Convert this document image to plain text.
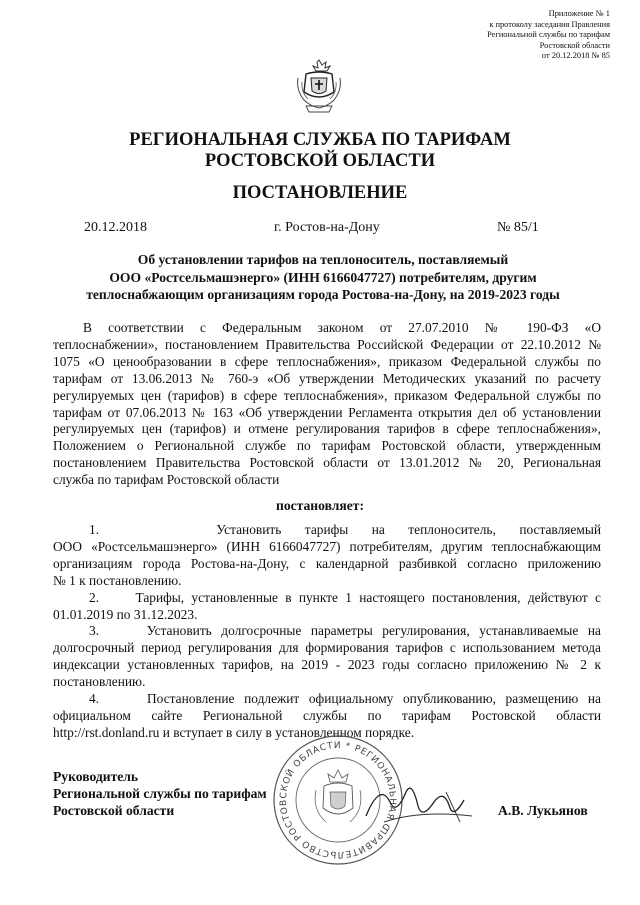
Приложение № 1
к протоколу заседания Правления
Региональной службы по тарифам
Ростовской области
от 20.12.2018 № 85
РЕГИОНАЛЬНАЯ СЛУЖБА ПО ТАРИФАМ
РОСТОВСКОЙ ОБЛАСТИ
ПОСТАНОВЛЕНИЕ
20.12.2018	г. Ростов-на-Дону	№ 85/1
Об установлении тарифов на теплоноситель, поставляемый
ООО «Ростсельмашэнерго» (ИНН 6166047727) потребителям, другим
теплоснабжающим организациям города Ростова-на-Дону, на 2019-2023 годы
В соответствии с Федеральным законом от 27.07.2010 № 190-ФЗ «О
теплоснабжении», постановлением Правительства Российской Федерации от 22.10.2012 №
1075 «О ценообразовании в сфере теплоснабжения», приказом Федеральной службы по
тарифам от 13.06.2013 № 760-э «Об утверждении Методических указаний по расчету
регулируемых цен (тарифов) в сфере теплоснабжения», приказом Федеральной службы по
тарифам от 07.06.2013 № 163 «Об утверждении Регламента открытия дел об установлении
регулируемых цен (тарифов) и отмене регулирования тарифов в сфере теплоснабжения»,
Положением о Региональной службе по тарифам Ростовской области, утвержденным
постановлением Правительства Ростовской области от 13.01.2012 № 20, Региональная
служба по тарифам Ростовской области
постановляет:
1.     Установить тарифы на теплоноситель, поставляемый
ООО «Ростсельмашэнерго» (ИНН 6166047727) потребителям, другим теплоснабжающим
организациям города Ростова-на-Дону, с календарной разбивкой согласно приложению
№ 1 к постановлению.
2.     Тарифы, установленные в пункте 1 настоящего постановления, действуют с
01.01.2019 по 31.12.2023.
3.     Установить долгосрочные параметры регулирования, устанавливаемые на
долгосрочный период регулирования для формирования тарифов с использованием метода
индексации установленных тарифов, на 2019 - 2023 годы согласно приложению № 2 к
постановлению.
4.     Постановление подлежит официальному опубликованию, размещению на
официальном сайте Региональной службы по тарифам Ростовской области
http://rst.donland.ru и вступает в силу в установленном порядке.
ПРАВИТЕЛЬСТВО РОСТОВСКОЙ ОБЛАСТИ * РЕГИОНАЛЬНАЯ СЛУЖБА
Руководитель
Региональной службы по тарифам
Ростовской области	А.В. Лукьянов
